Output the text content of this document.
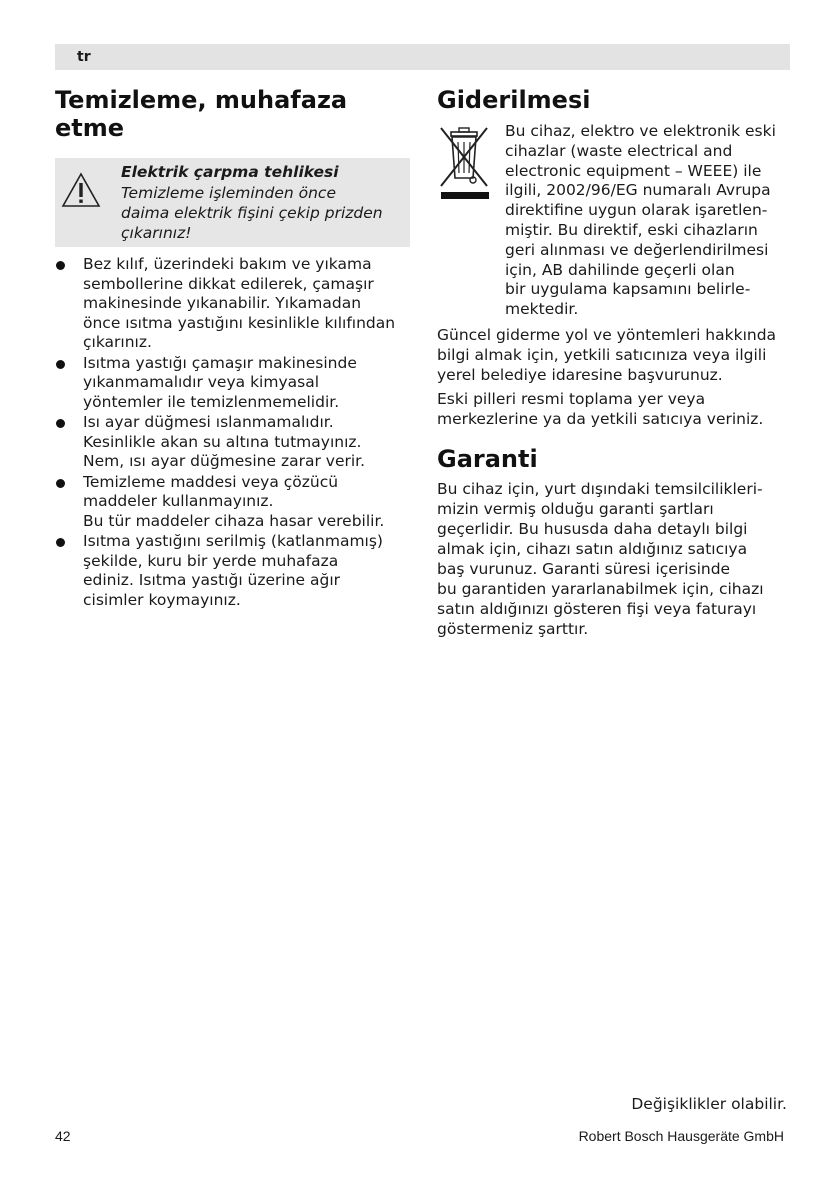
tr
Temizleme, muhafaza
etme
Elektrik çarpma tehlikesi
Temizleme işleminden önce
daima elektrik fişini çekip prizden
çıkarınız!
Bez kılıf, üzerindeki bakım ve yıkama
sembollerine dikkat edilerek, çamaşır
makinesinde yıkanabilir. Yıkamadan
önce ısıtma yastığını kesinlikle kılıfından
çıkarınız.
Isıtma yastığı çamaşır makinesinde
yıkanmamalıdır veya kimyasal
yöntemler ile temizlenmemelidir.
Isı ayar düğmesi ıslanmamalıdır.
Kesinlikle akan su altına tutmayınız.
Nem, ısı ayar düğmesine zarar verir.
Temizleme maddesi veya çözücü
maddeler kullanmayınız.
Bu tür maddeler cihaza hasar verebilir.
Isıtma yastığını serilmiş (katlanmamış)
şekilde, kuru bir yerde muhafaza
ediniz. Isıtma yastığı üzerine ağır
cisimler koymayınız.
Giderilmesi
Bu cihaz, elektro ve elektronik eski
cihazlar (waste electrical and
electronic equipment – WEEE) ile
ilgili, 2002/96/EG numaralı Avrupa
direktifine uygun olarak işaretlen-
miştir. Bu direktif, eski cihazların
geri alınması ve değerlendirilmesi
için, AB dahilinde geçerli olan
bir uygulama kapsamını belirle-
mektedir.

Güncel giderme yol ve yöntemleri hakkında
bilgi almak için, yetkili satıcınıza veya ilgili
yerel belediye idaresine başvurunuz.

Eski pilleri resmi toplama yer veya
merkezlerine ya da yetkili satıcıya veriniz.

Garanti

Bu cihaz için, yurt dışındaki temsilcilikleri-
mizin vermiş olduğu garanti şartları
geçerlidir. Bu hususda daha detaylı bilgi
almak için, cihazı satın aldığınız satıcıya
baş vurunuz. Garanti süresi içerisinde
bu garantiden yararlanabilmek için, cihazı
satın aldığınızı gösteren fişi veya faturayı
göstermeniz şarttır.

Değişiklikler olabilir.
42	Robert Bosch Hausgeräte GmbH
